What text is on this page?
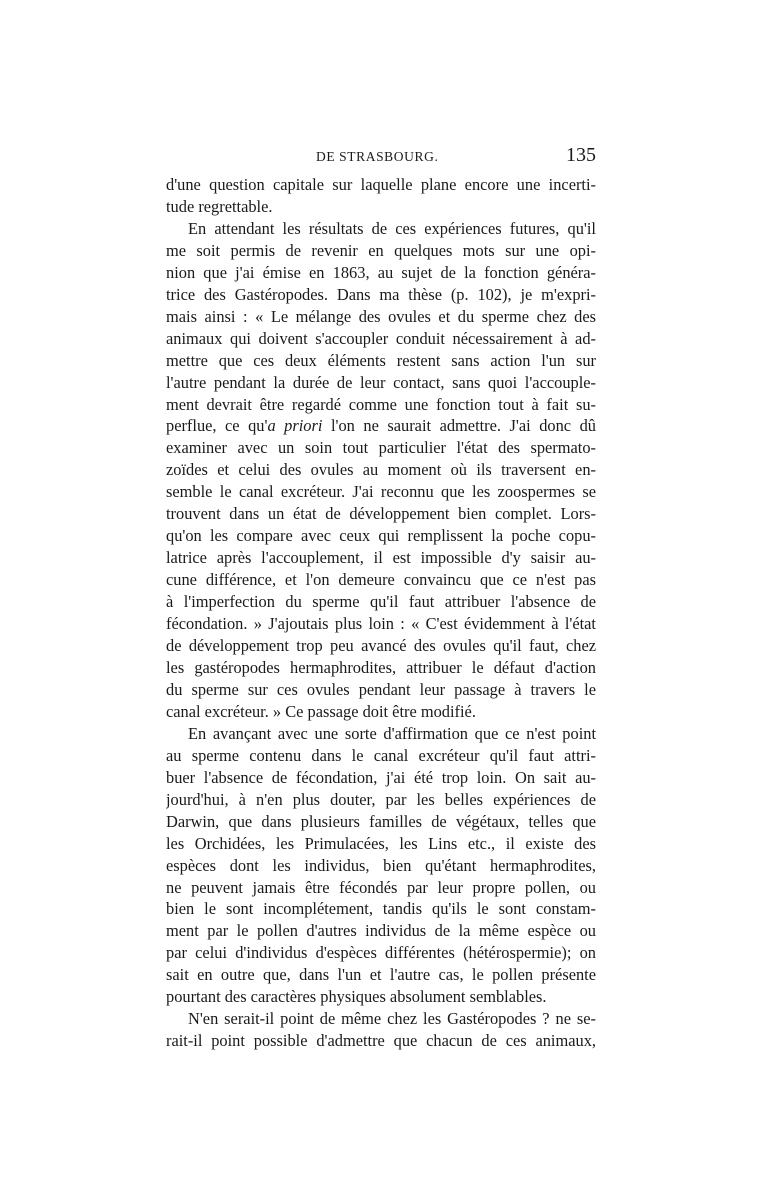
DE STRASBOURG.	135
d'une question capitale sur laquelle plane encore une incerti-
tude regrettable.
En attendant les résultats de ces expériences futures, qu'il
me soit permis de revenir en quelques mots sur une opi-
nion que j'ai émise en 1863, au sujet de la fonction généra-
trice des Gastéropodes. Dans ma thèse (p. 102), je m'expri-
mais ainsi : « Le mélange des ovules et du sperme chez des
animaux qui doivent s'accoupler conduit nécessairement à ad-
mettre que ces deux éléments restent sans action l'un sur
l'autre pendant la durée de leur contact, sans quoi l'accouple-
ment devrait être regardé comme une fonction tout à fait su-
perflue, ce qu'a priori l'on ne saurait admettre. J'ai donc dû
examiner avec un soin tout particulier l'état des spermato-
zoïdes et celui des ovules au moment où ils traversent en-
semble le canal excréteur. J'ai reconnu que les zoospermes se
trouvent dans un état de développement bien complet. Lors-
qu'on les compare avec ceux qui remplissent la poche copu-
latrice après l'accouplement, il est impossible d'y saisir au-
cune différence, et l'on demeure convaincu que ce n'est pas
à l'imperfection du sperme qu'il faut attribuer l'absence de
fécondation. » J'ajoutais plus loin : « C'est évidemment à l'état
de développement trop peu avancé des ovules qu'il faut, chez
les gastéropodes hermaphrodites, attribuer le défaut d'action
du sperme sur ces ovules pendant leur passage à travers le
canal excréteur. » Ce passage doit être modifié.
En avançant avec une sorte d'affirmation que ce n'est point
au sperme contenu dans le canal excréteur qu'il faut attri-
buer l'absence de fécondation, j'ai été trop loin. On sait au-
jourd'hui, à n'en plus douter, par les belles expériences de
Darwin, que dans plusieurs familles de végétaux, telles que
les Orchidées, les Primulacées, les Lins etc., il existe des
espèces dont les individus, bien qu'étant hermaphrodites,
ne peuvent jamais être fécondés par leur propre pollen, ou
bien le sont incomplétement, tandis qu'ils le sont constam-
ment par le pollen d'autres individus de la même espèce ou
par celui d'individus d'espèces différentes (hétérospermie); on
sait en outre que, dans l'un et l'autre cas, le pollen présente
pourtant des caractères physiques absolument semblables.
N'en serait-il point de même chez les Gastéropodes ? ne se-
rait-il point possible d'admettre que chacun de ces animaux,
